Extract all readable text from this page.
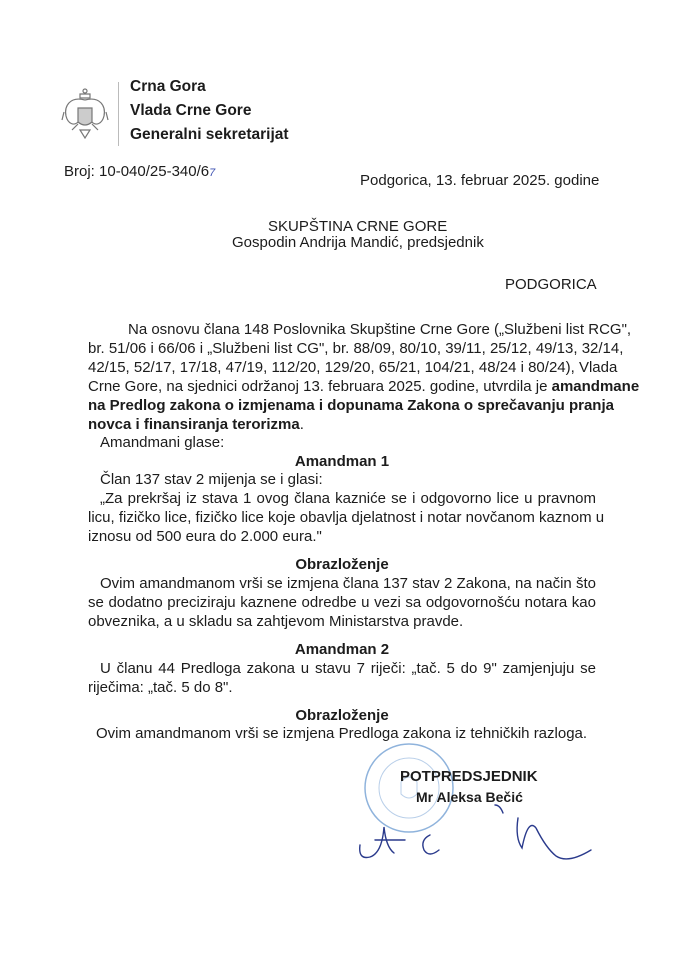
Crna Gora
Vlada Crne Gore
Generalni sekretarijat
Broj: 10-040/25-340/67	Podgorica, 13. februar 2025. godine
SKUPŠTINA CRNE GORE
Gospodin Andrija Mandić, predsjednik
PODGORICA
Na osnovu člana 148 Poslovnika Skupštine Crne Gore („Službeni list RCG",
br. 51/06 i 66/06 i „Službeni list CG", br. 88/09, 80/10, 39/11, 25/12, 49/13, 32/14,
42/15, 52/17, 17/18, 47/19, 112/20, 129/20, 65/21, 104/21, 48/24 i 80/24), Vlada
Crne Gore, na sjednici održanoj 13. februara 2025. godine, utvrdila je amandmane
na Predlog zakona o izmjenama i dopunama Zakona o sprečavanju pranja
novca i finansiranja terorizma.
Amandmani glase:
Amandman 1
Član 137 stav 2 mijenja se i glasi:
„Za prekršaj iz stava 1 ovog člana kazniće se i odgovorno lice u pravnom
licu, fizičko lice, fizičko lice koje obavlja djelatnost i notar novčanom kaznom u
iznosu od 500 eura do 2.000 eura."
Obrazloženje
Ovim amandmanom vrši se izmjena člana 137 stav 2 Zakona, na način što
se dodatno preciziraju kaznene odredbe u vezi sa odgovornošću notara kao
obveznika, a u skladu sa zahtjevom Ministarstva pravde.
Amandman 2
U članu 44 Predloga zakona u stavu 7 riječi: „tač. 5 do 9" zamjenjuju se
riječima: „tač. 5 do 8".
Obrazloženje
Ovim amandmanom vrši se izmjena Predloga zakona iz tehničkih razloga.
POTPREDSJEDNIK
Mr Aleksa Bečić
